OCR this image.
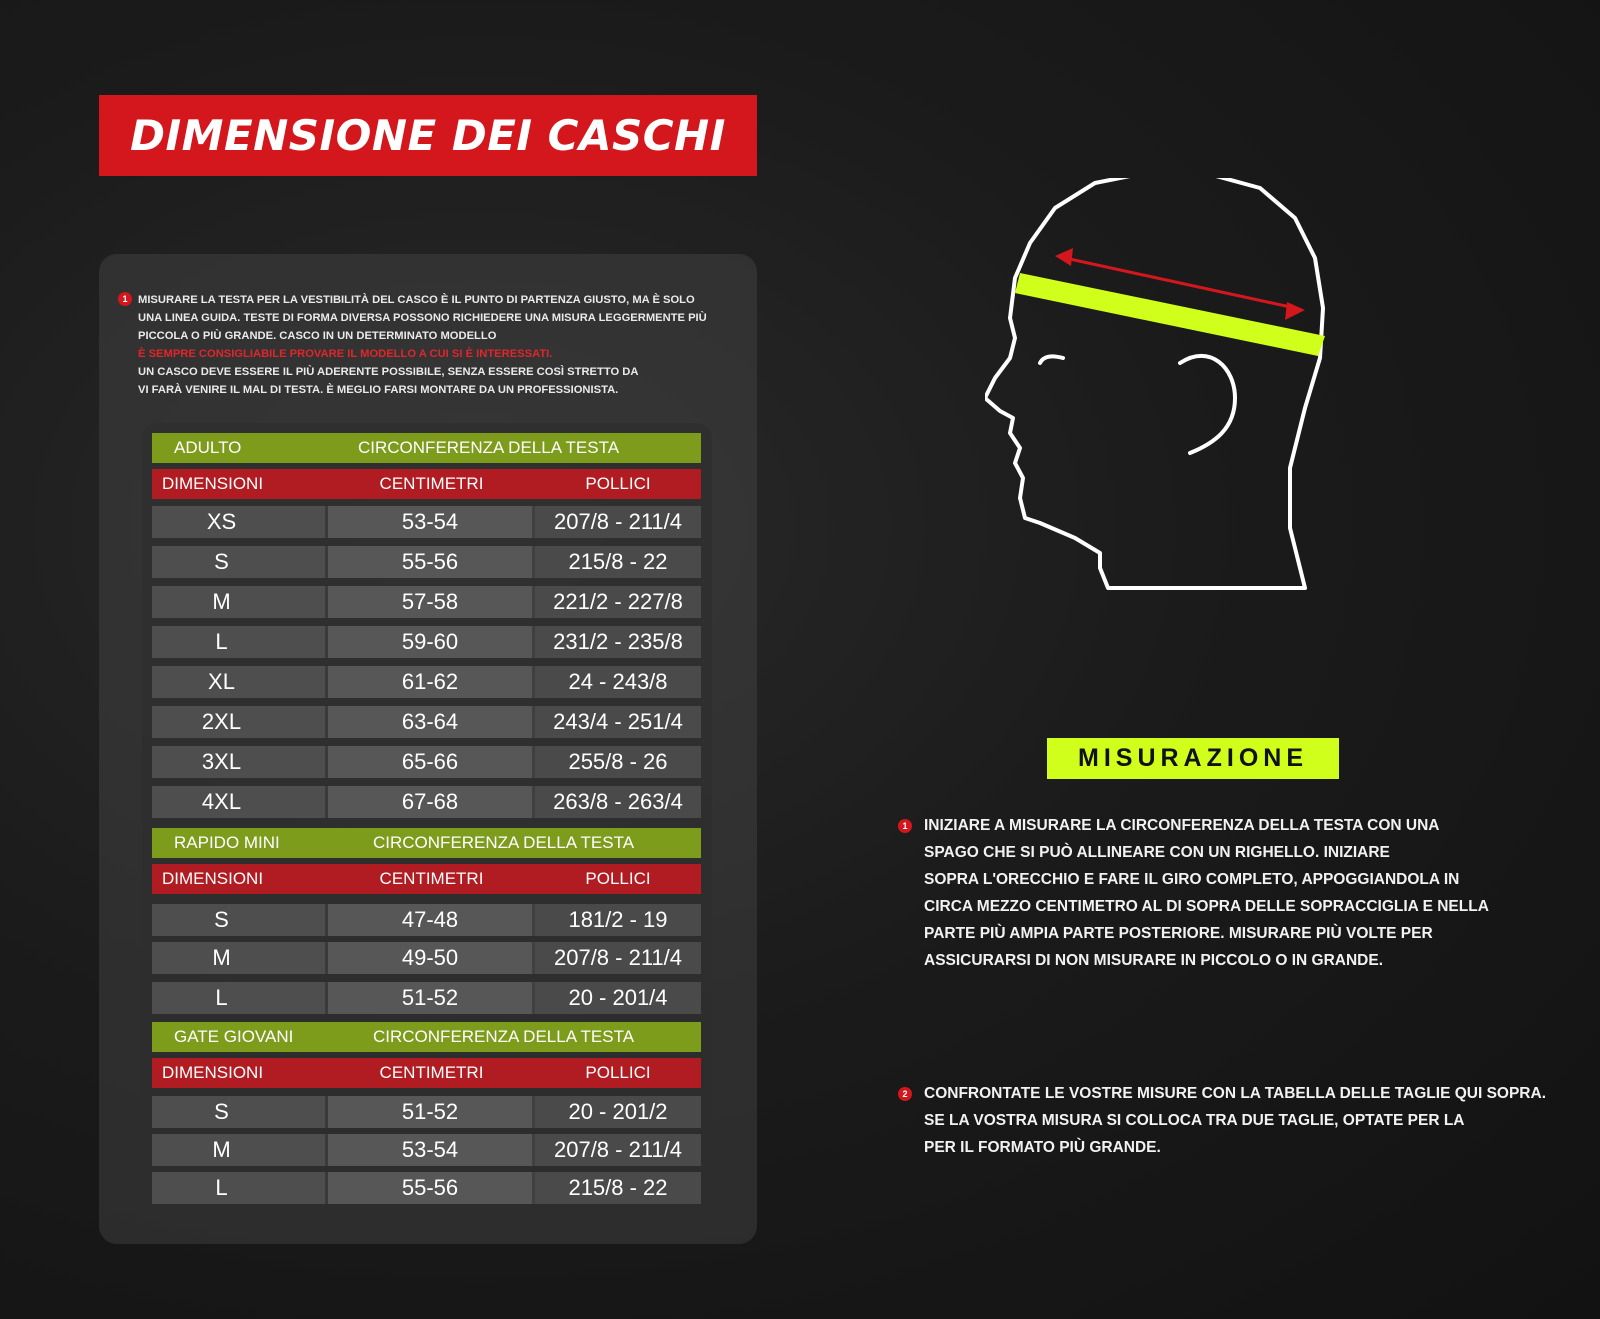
DIMENSIONE DEI CASCHI
1 MISURARE LA TESTA PER LA VESTIBILITÀ DEL CASCO È IL PUNTO DI PARTENZA GIUSTO, MA È SOLO
UNA LINEA GUIDA. TESTE DI FORMA DIVERSA POSSONO RICHIEDERE UNA MISURA LEGGERMENTE PIÙ
PICCOLA O PIÙ GRANDE. CASCO IN UN DETERMINATO MODELLO
È SEMPRE CONSIGLIABILE PROVARE IL MODELLO A CUI SI È INTERESSATI.
UN CASCO DEVE ESSERE IL PIÙ ADERENTE POSSIBILE, SENZA ESSERE COSÌ STRETTO DA
VI FARÀ VENIRE IL MAL DI TESTA. È MEGLIO FARSI MONTARE DA UN PROFESSIONISTA.
ADULTO	CIRCONFERENZA DELLA TESTA
DIMENSIONI	CENTIMETRI	POLLICI
XS	53-54	207/8 - 211/4
S	55-56	215/8 - 22
M	57-58	221/2 - 227/8
L	59-60	231/2 - 235/8
XL	61-62	24 - 243/8
2XL	63-64	243/4 - 251/4
3XL	65-66	255/8 - 26
4XL	67-68	263/8 - 263/4
RAPIDO MINI	CIRCONFERENZA DELLA TESTA
DIMENSIONI	CENTIMETRI	POLLICI
S	47-48	181/2 - 19
M	49-50	207/8 - 211/4
L	51-52	20 - 201/4
GATE GIOVANI	CIRCONFERENZA DELLA TESTA
DIMENSIONI	CENTIMETRI	POLLICI
S	51-52	20 - 201/2
M	53-54	207/8 - 211/4
L	55-56	215/8 - 22
MISURAZIONE
1 INIZIARE A MISURARE LA CIRCONFERENZA DELLA TESTA CON UNA
SPAGO CHE SI PUÒ ALLINEARE CON UN RIGHELLO. INIZIARE
SOPRA L'ORECCHIO E FARE IL GIRO COMPLETO, APPOGGIANDOLA IN
CIRCA MEZZO CENTIMETRO AL DI SOPRA DELLE SOPRACCIGLIA E NELLA
PARTE PIÙ AMPIA PARTE POSTERIORE. MISURARE PIÙ VOLTE PER
ASSICURARSI DI NON MISURARE IN PICCOLO O IN GRANDE.
2 CONFRONTATE LE VOSTRE MISURE CON LA TABELLA DELLE TAGLIE QUI SOPRA.
SE LA VOSTRA MISURA SI COLLOCA TRA DUE TAGLIE, OPTATE PER LA
PER IL FORMATO PIÙ GRANDE.
